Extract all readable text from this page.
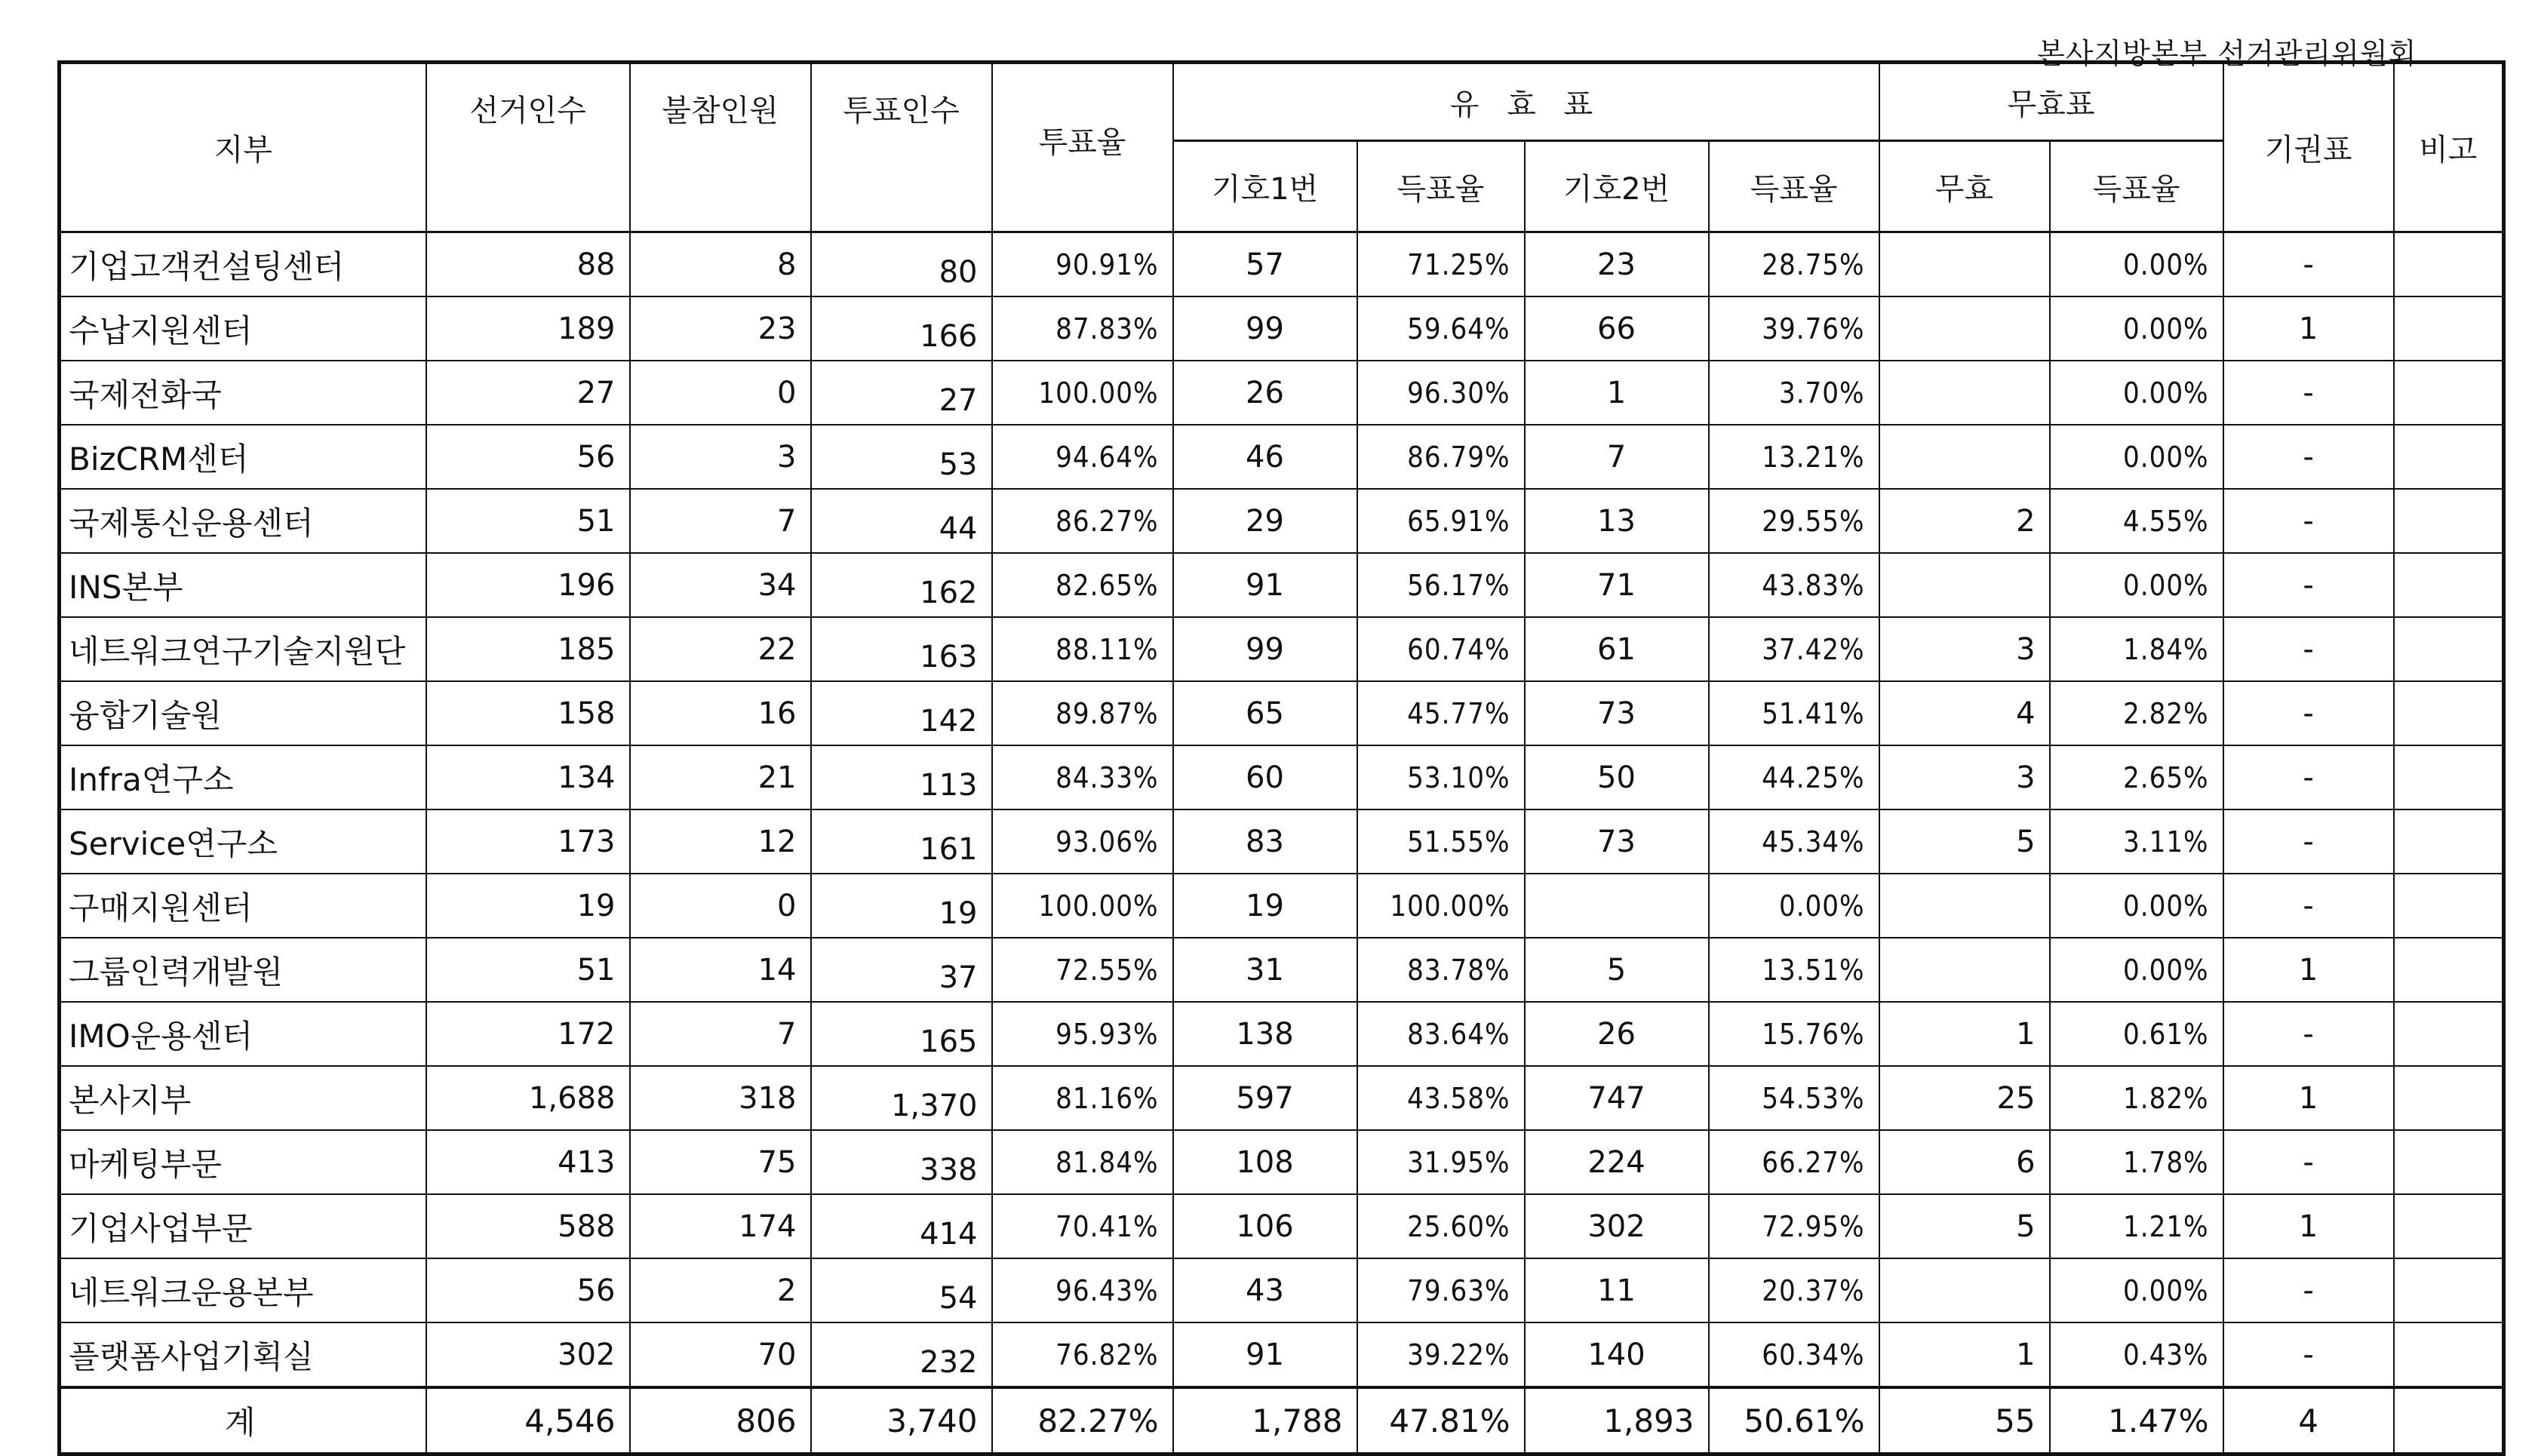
본사지방본부 선거관리위원회
지부	선거인수	불참인원	투표인수	투표율	유 효 표				무효표		기권표	비고
					기호1번	득표율	기호2번	득표율	무효	득표율		
기업고객컨설팅센터	88	8	80	90.91%	57	71.25%	23	28.75%		0.00%	-	
수납지원센터	189	23	166	87.83%	99	59.64%	66	39.76%		0.00%	1	
국제전화국	27	0	27	100.00%	26	96.30%	1	3.70%		0.00%	-	
BizCRM센터	56	3	53	94.64%	46	86.79%	7	13.21%		0.00%	-	
국제통신운용센터	51	7	44	86.27%	29	65.91%	13	29.55%	2	4.55%	-	
INS본부	196	34	162	82.65%	91	56.17%	71	43.83%		0.00%	-	
네트워크연구기술지원단	185	22	163	88.11%	99	60.74%	61	37.42%	3	1.84%	-	
융합기술원	158	16	142	89.87%	65	45.77%	73	51.41%	4	2.82%	-	
Infra연구소	134	21	113	84.33%	60	53.10%	50	44.25%	3	2.65%	-	
Service연구소	173	12	161	93.06%	83	51.55%	73	45.34%	5	3.11%	-	
구매지원센터	19	0	19	100.00%	19	100.00%		0.00%		0.00%	-	
그룹인력개발원	51	14	37	72.55%	31	83.78%	5	13.51%		0.00%	1	
IMO운용센터	172	7	165	95.93%	138	83.64%	26	15.76%	1	0.61%	-	
본사지부	1,688	318	1,370	81.16%	597	43.58%	747	54.53%	25	1.82%	1	
마케팅부문	413	75	338	81.84%	108	31.95%	224	66.27%	6	1.78%	-	
기업사업부문	588	174	414	70.41%	106	25.60%	302	72.95%	5	1.21%	1	
네트워크운용본부	56	2	54	96.43%	43	79.63%	11	20.37%		0.00%	-	
플랫폼사업기획실	302	70	232	76.82%	91	39.22%	140	60.34%	1	0.43%	-	
계	4,546	806	3,740	82.27%	1,788	47.81%	1,893	50.61%	55	1.47%	4	
